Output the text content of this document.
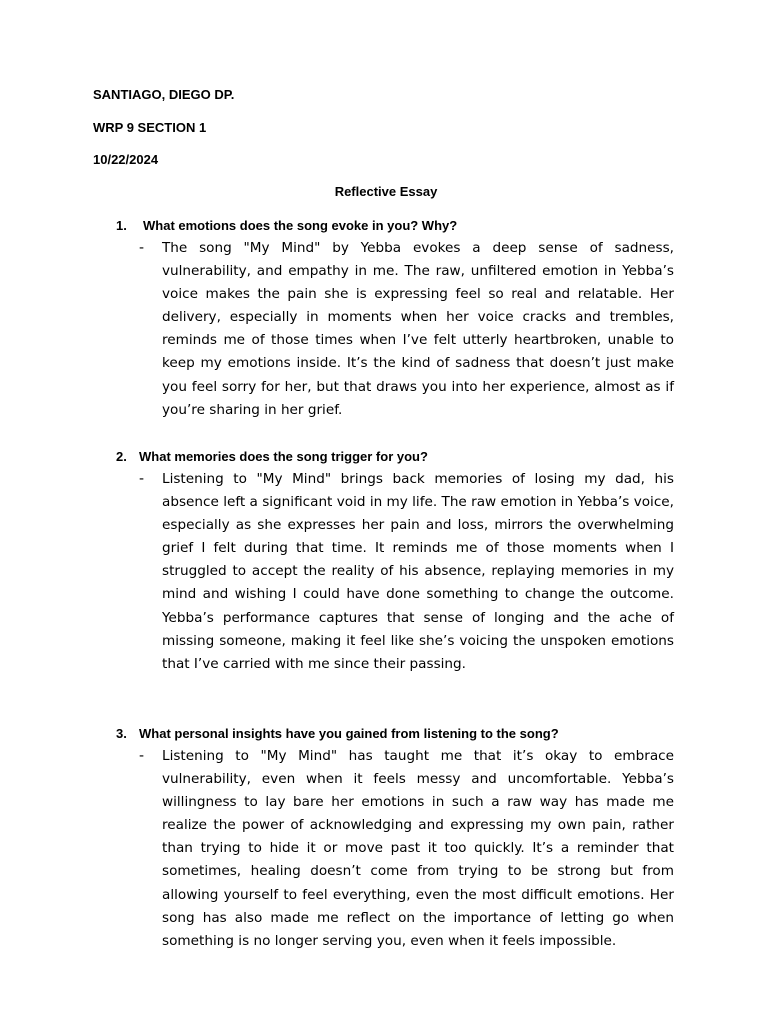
SANTIAGO, DIEGO DP.
WRP 9 SECTION 1
10/22/2024
Reflective Essay
1.	What emotions does the song evoke in you? Why?
-	The song "My Mind" by Yebba evokes a deep sense of sadness, vulnerability, and empathy in me. The raw, unfiltered emotion in Yebba’s voice makes the pain she is expressing feel so real and relatable. Her delivery, especially in moments when her voice cracks and trembles, reminds me of those times when I’ve felt utterly heartbroken, unable to keep my emotions inside. It’s the kind of sadness that doesn’t just make you feel sorry for her, but that draws you into her experience, almost as if you’re sharing in her grief.
2. What memories does the song trigger for you?
-	Listening to "My Mind" brings back memories of losing my dad, his absence left a significant void in my life. The raw emotion in Yebba’s voice, especially as she expresses her pain and loss, mirrors the overwhelming grief I felt during that time. It reminds me of those moments when I struggled to accept the reality of his absence, replaying memories in my mind and wishing I could have done something to change the outcome. Yebba’s performance captures that sense of longing and the ache of missing someone, making it feel like she’s voicing the unspoken emotions that I’ve carried with me since their passing.
3. What personal insights have you gained from listening to the song?
-	Listening to "My Mind" has taught me that it’s okay to embrace vulnerability, even when it feels messy and uncomfortable. Yebba’s willingness to lay bare her emotions in such a raw way has made me realize the power of acknowledging and expressing my own pain, rather than trying to hide it or move past it too quickly. It’s a reminder that sometimes, healing doesn’t come from trying to be strong but from allowing yourself to feel everything, even the most difficult emotions. Her song has also made me reflect on the importance of letting go when something is no longer serving you, even when it feels impossible.
